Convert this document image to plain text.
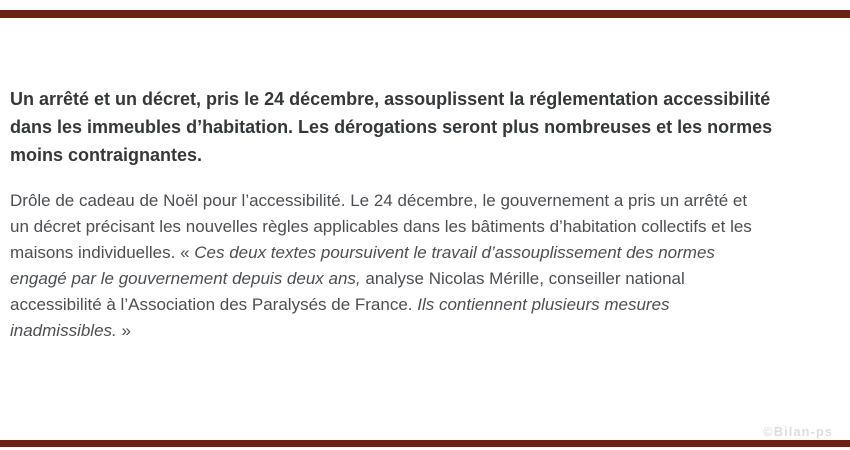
Un arrêté et un décret, pris le 24 décembre, assouplissent la réglementation accessibilité
dans les immeubles d’habitation. Les dérogations seront plus nombreuses et les normes
moins contraignantes.
Drôle de cadeau de Noël pour l’accessibilité. Le 24 décembre, le gouvernement a pris un arrêté et
un décret précisant les nouvelles règles applicables dans les bâtiments d’habitation collectifs et les
maisons individuelles. « Ces deux textes poursuivent le travail d’assouplissement des normes
engagé par le gouvernement depuis deux ans, analyse Nicolas Mérille, conseiller national
accessibilité à l’Association des Paralysés de France. Ils contiennent plusieurs mesures
inadmissibles. »
©Bilan-ps
